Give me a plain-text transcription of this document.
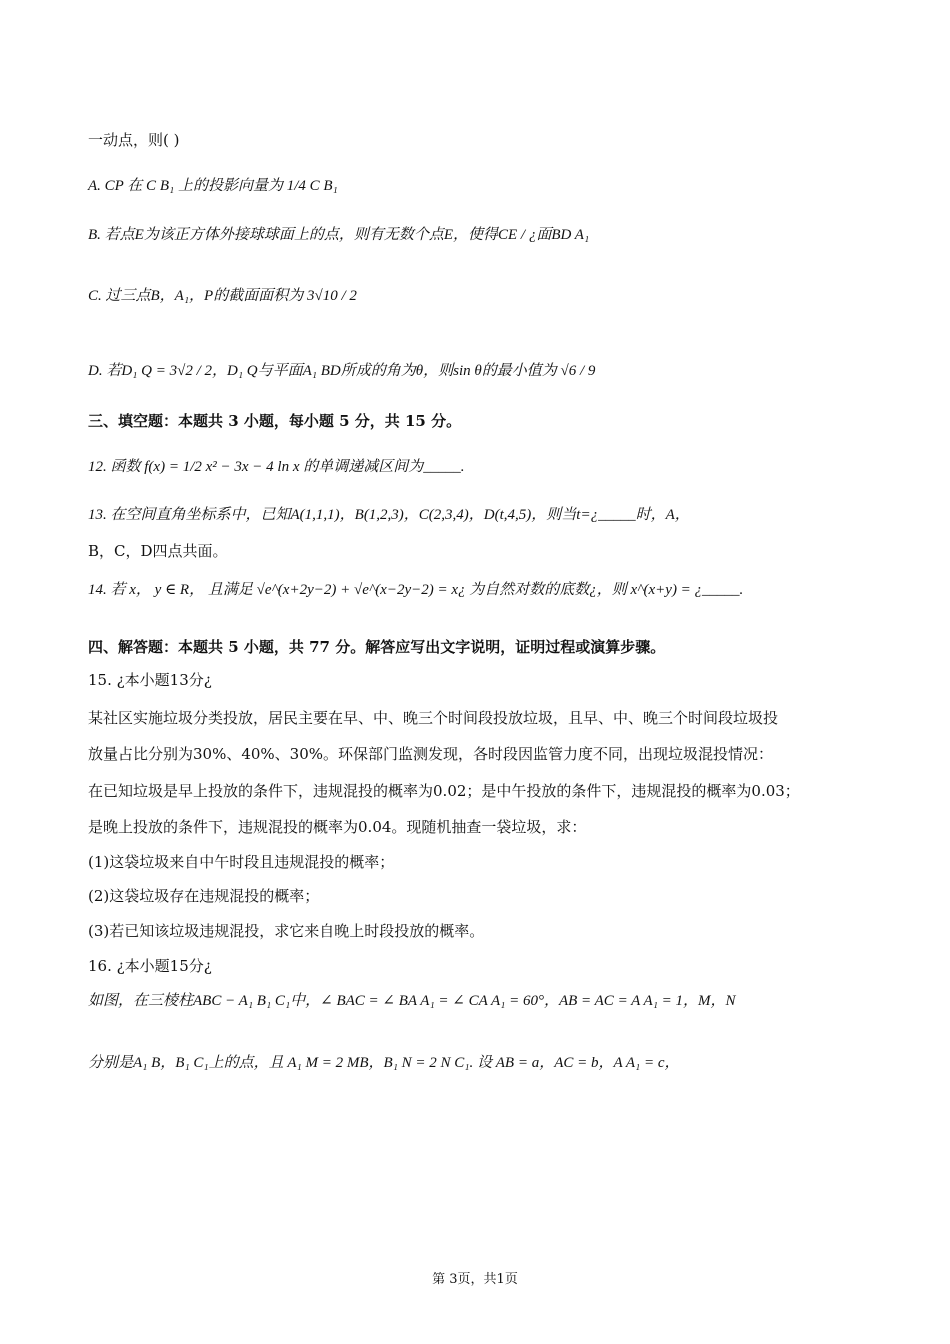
一动点，则( )
A. CP 在 C B₁ 上的投影向量为 1/4 C B₁
B. 若点E为该正方体外接球球面上的点，则有无数个点E，使得CE / ¿面BD A₁
C. 过三点B，A₁，P的截面面积为 3√10 / 2
D. 若D₁ Q = 3√2 / 2，D₁ Q与平面A₁ BD所成的角为θ，则sin θ的最小值为 √6 / 9
三、填空题：本题共 3 小题，每小题 5 分，共 15 分。
12. 函数 f(x) = 1/2 x² − 3x − 4 ln x 的单调递减区间为_____.
13. 在空间直角坐标系中，已知A(1,1,1)，B(1,2,3)，C(2,3,4)，D(t,4,5)，则当t=¿_____时，A，
B，C，D四点共面。
14. 若 x， y ∈ R， 且满足 √e^(x+2y−2) + √e^(x−2y−2) = x¿ 为自然对数的底数¿，则 x^(x+y) = ¿_____.
四、解答题：本题共 5 小题，共 77 分。解答应写出文字说明，证明过程或演算步骤。
15. ¿本小题13分¿
某社区实施垃圾分类投放，居民主要在早、中、晚三个时间段投放垃圾，且早、中、晚三个时间段垃圾投
放量占比分别为30%、40%、30%。环保部门监测发现，各时段因监管力度不同，出现垃圾混投情况：
在已知垃圾是早上投放的条件下，违规混投的概率为0.02；是中午投放的条件下，违规混投的概率为0.03；
是晚上投放的条件下，违规混投的概率为0.04。现随机抽查一袋垃圾，求：
(1)这袋垃圾来自中午时段且违规混投的概率；
(2)这袋垃圾存在违规混投的概率；
(3)若已知该垃圾违规混投，求它来自晚上时段投放的概率。
16. ¿本小题15分¿
如图，在三棱柱ABC − A₁ B₁ C₁中，∠ BAC = ∠ BA A₁ = ∠ CA A₁ = 60°，AB = AC = A A₁ = 1，M，N
分别是A₁ B，B₁ C₁上的点，且 A₁ M = 2 MB，B₁ N = 2 N C₁. 设 AB = a，AC = b，A A₁ = c，
第 3页，共1页
